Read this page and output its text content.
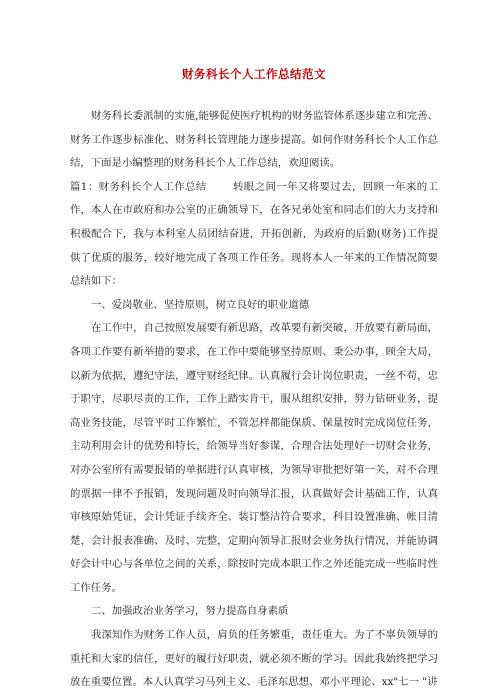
财务科长个人工作总结范文

财务科长委派制的实施,能够促使医疗机构的财务监管体系逐步建立和完善、财务工作逐步标准化、财务科长管理能力逐步提高。如何作财务科长个人工作总结，下面是小编整理的财务科长个人工作总结，欢迎阅读。

篇1：财务科长个人工作总结	转眼之间一年又将要过去，回顾一年来的工作，本人在市政府和办公室的正确领导下，在各兄弟处室和同志们的大力支持和积极配合下，我与本科室人员团结奋进，开拓创新，为政府的后勤(财务)工作提供了优质的服务，较好地完成了各项工作任务。现将本人一年来的工作情况简要总结如下：

一、爱岗敬业、坚持原则，树立良好的职业道德

在工作中，自己按照发展要有新思路，改革要有新突破，开放要有新局面，各项工作要有新举措的要求，在工作中要能够坚持原则、秉公办事，顾全大局，以新为依据，遵纪守法，遵守财经纪律。认真履行会计岗位职责，一丝不苟，忠于职守，尽职尽责的工作，工作上踏实肯干，服从组织安排，努力钻研业务，提高业务技能，尽管平时工作繁忙，不管怎样都能保质、保量按时完成岗位任务，主动利用会计的优势和特长，给领导当好参谋，合理合法处理好一切财会业务，对办公室所有需要报销的单据进行认真审核，为领导审批把好第一关，对不合理的票据一律不予报销，发现问题及时向领导汇报，认真做好会计基础工作，认真审核原始凭证，会计凭证手续齐全、装订整洁符合要求，科目设置准确、帐目清楚，会计报表准确、及时、完整，定期向领导汇报财会业务执行情况，并能协调好会计中心与各单位之间的关系，除按时完成本职工作之外还能完成一些临时性工作任务。

二、加强政治业务学习，努力提高自身素质

我深知作为财务工作人员，肩负的任务繁重，责任重大。为了不辜负领导的重托和大家的信任，更好的履行好职责，就必须不断的学习。因此我始终把学习放在重要位置。本人认真学习马列主义、毛泽东思想、邓小平理论、xx"七一 "讲
